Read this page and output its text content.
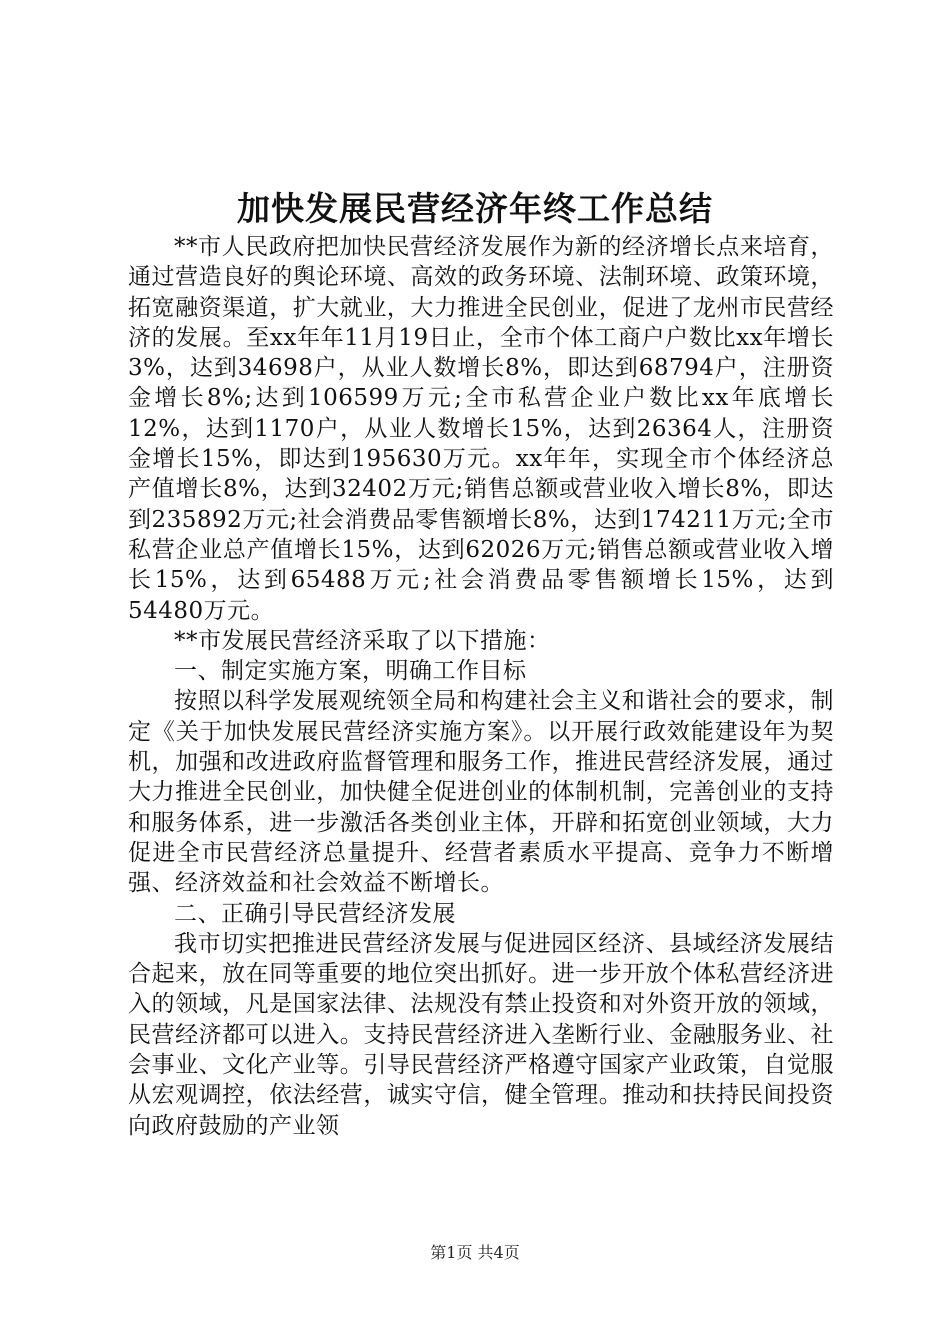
加快发展民营经济年终工作总结

**市人民政府把加快民营经济发展作为新的经济增长点来培育，通过营造良好的舆论环境、高效的政务环境、法制环境、政策环境，拓宽融资渠道，扩大就业，大力推进全民创业，促进了龙州市民营经济的发展。至xx年年11月19日止，全市个体工商户户数比xx年增长3%，达到34698户，从业人数增长8%，即达到68794户，注册资金增长8%;达到106599万元;全市私营企业户数比xx年底增长12%，达到1170户，从业人数增长15%，达到26364人，注册资金增长15%，即达到195630万元。xx年年，实现全市个体经济总产值增长8%，达到32402万元;销售总额或营业收入增长8%，即达到235892万元;社会消费品零售额增长8%，达到174211万元;全市私营企业总产值增长15%，达到62026万元;销售总额或营业收入增长15%，达到65488万元;社会消费品零售额增长15%，达到54480万元。

**市发展民营经济采取了以下措施：

一、制定实施方案，明确工作目标

按照以科学发展观统领全局和构建社会主义和谐社会的要求，制定《关于加快发展民营经济实施方案》。以开展行政效能建设年为契机，加强和改进政府监督管理和服务工作，推进民营经济发展，通过大力推进全民创业，加快健全促进创业的体制机制，完善创业的支持和服务体系，进一步激活各类创业主体，开辟和拓宽创业领域，大力促进全市民营经济总量提升、经营者素质水平提高、竞争力不断增强、经济效益和社会效益不断增长。

二、正确引导民营经济发展

我市切实把推进民营经济发展与促进园区经济、县域经济发展结合起来，放在同等重要的地位突出抓好。进一步开放个体私营经济进入的领域，凡是国家法律、法规没有禁止投资和对外资开放的领域，民营经济都可以进入。支持民营经济进入垄断行业、金融服务业、社会事业、文化产业等。引导民营经济严格遵守国家产业政策，自觉服从宏观调控，依法经营，诚实守信，健全管理。推动和扶持民间投资向政府鼓励的产业领

第1页 共4页
